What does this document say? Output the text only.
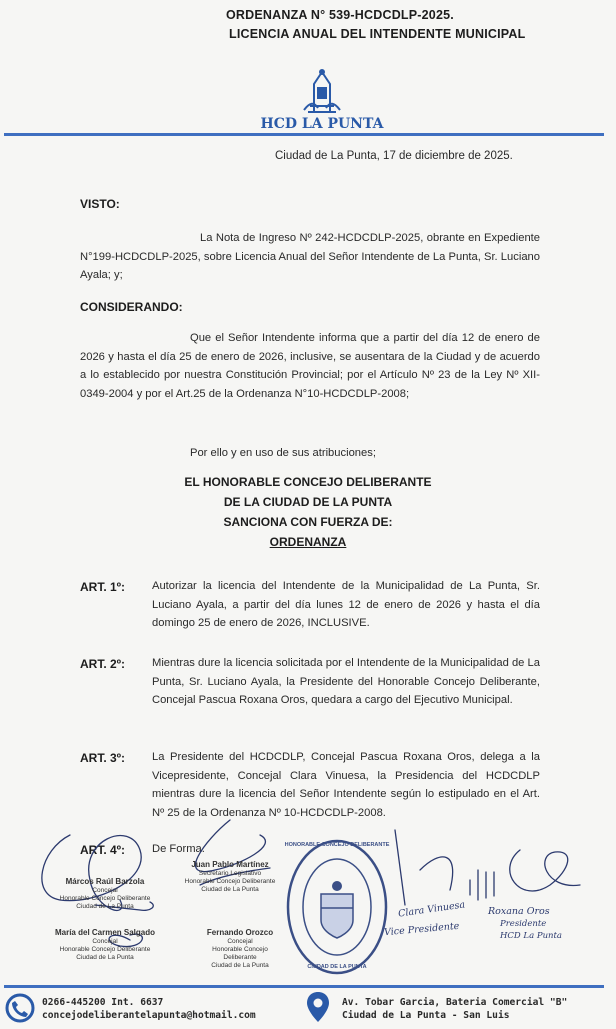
ORDENANZA N° 539-HCDCDLP-2025.
LICENCIA ANUAL DEL INTENDENTE MUNICIPAL
HCD LA PUNTA
Ciudad de La Punta, 17 de diciembre de 2025.
VISTO:
La Nota de Ingreso Nº 242-HCDCDLP-2025, obrante en Expediente N°199-HCDCDLP-2025, sobre Licencia Anual del Señor Intendente de La Punta, Sr. Luciano Ayala; y;
CONSIDERANDO:
Que el Señor Intendente informa que a partir del día 12 de enero de 2026 y hasta el día 25 de enero de 2026, inclusive, se ausentara de la Ciudad y de acuerdo a lo establecido por nuestra Constitución Provincial; por el Artículo Nº 23 de la Ley Nº XII-0349-2004 y por el Art.25 de la Ordenanza N°10-HCDCDLP-2008;
Por ello y en uso de sus atribuciones;
EL HONORABLE CONCEJO DELIBERANTE
DE LA CIUDAD DE LA PUNTA
SANCIONA CON FUERZA DE:
ORDENANZA
ART. 1º: Autorizar la licencia del Intendente de la Municipalidad de La Punta, Sr. Luciano Ayala, a partir del día lunes 12 de enero de 2026 y hasta el día domingo 25 de enero de 2026, INCLUSIVE.
ART. 2º: Mientras dure la licencia solicitada por el Intendente de la Municipalidad de La Punta, Sr. Luciano Ayala, la Presidente del Honorable Concejo Deliberante, Concejal Pascua Roxana Oros, quedara a cargo del Ejecutivo Municipal.
ART. 3º: La Presidente del HCDCDLP, Concejal Pascua Roxana Oros, delega a la Vicepresidente, Concejal Clara Vinuesa, la Presidencia del HCDCDLP mientras dure la licencia del Señor Intendente según lo estipulado en el Art. Nº 25 de la Ordenanza Nº 10-HCDCDLP-2008.
ART. 4º: De Forma.
Márcos Raúl Barzola
Concejal
Honorable Concejo Deliberante
Ciudad de La Punta
Juan Pablo Martínez
Secretario Legislativo
Honorable Concejo Deliberante
Ciudad de La Punta
María del Carmen Salgado
Concejal
Honorable Concejo Deliberante
Ciudad de La Punta
Fernando Orozco
Concejal
Honorable Concejo Deliberante
Ciudad de La Punta
HONORABLE CONCEJO DELIBERANTE
CIUDAD DE LA PUNTA
Clara Vinuesa
Vice Presidente
Roxana Oros
Presidente
HCD La Punta
0266-445200 Int. 6637
concejodeliberantelapunta@hotmail.com
Av. Tobar Garcia, Bateria Comercial "B"
Ciudad de La Punta - San Luis
